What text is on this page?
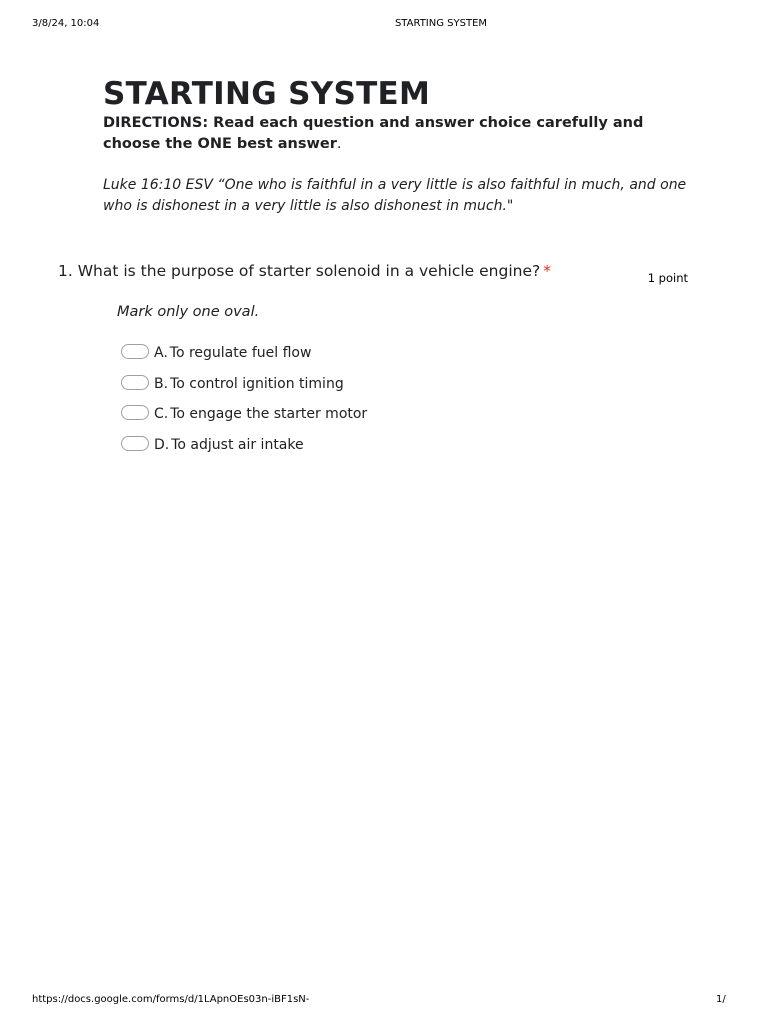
3/8/24, 10:04	STARTING SYSTEM
STARTING SYSTEM
DIRECTIONS: Read each question and answer choice carefully and choose the ONE best answer.
Luke 16:10 ESV “One who is faithful in a very little is also faithful in much, and one who is dishonest in a very little is also dishonest in much."
1. What is the purpose of starter solenoid in a vehicle engine? *	1 point
Mark only one oval.
A. To regulate fuel flow
B. To control ignition timing
C. To engage the starter motor
D. To adjust air intake
https://docs.google.com/forms/d/1LApnOEs03n-iBF1sN-	1/
